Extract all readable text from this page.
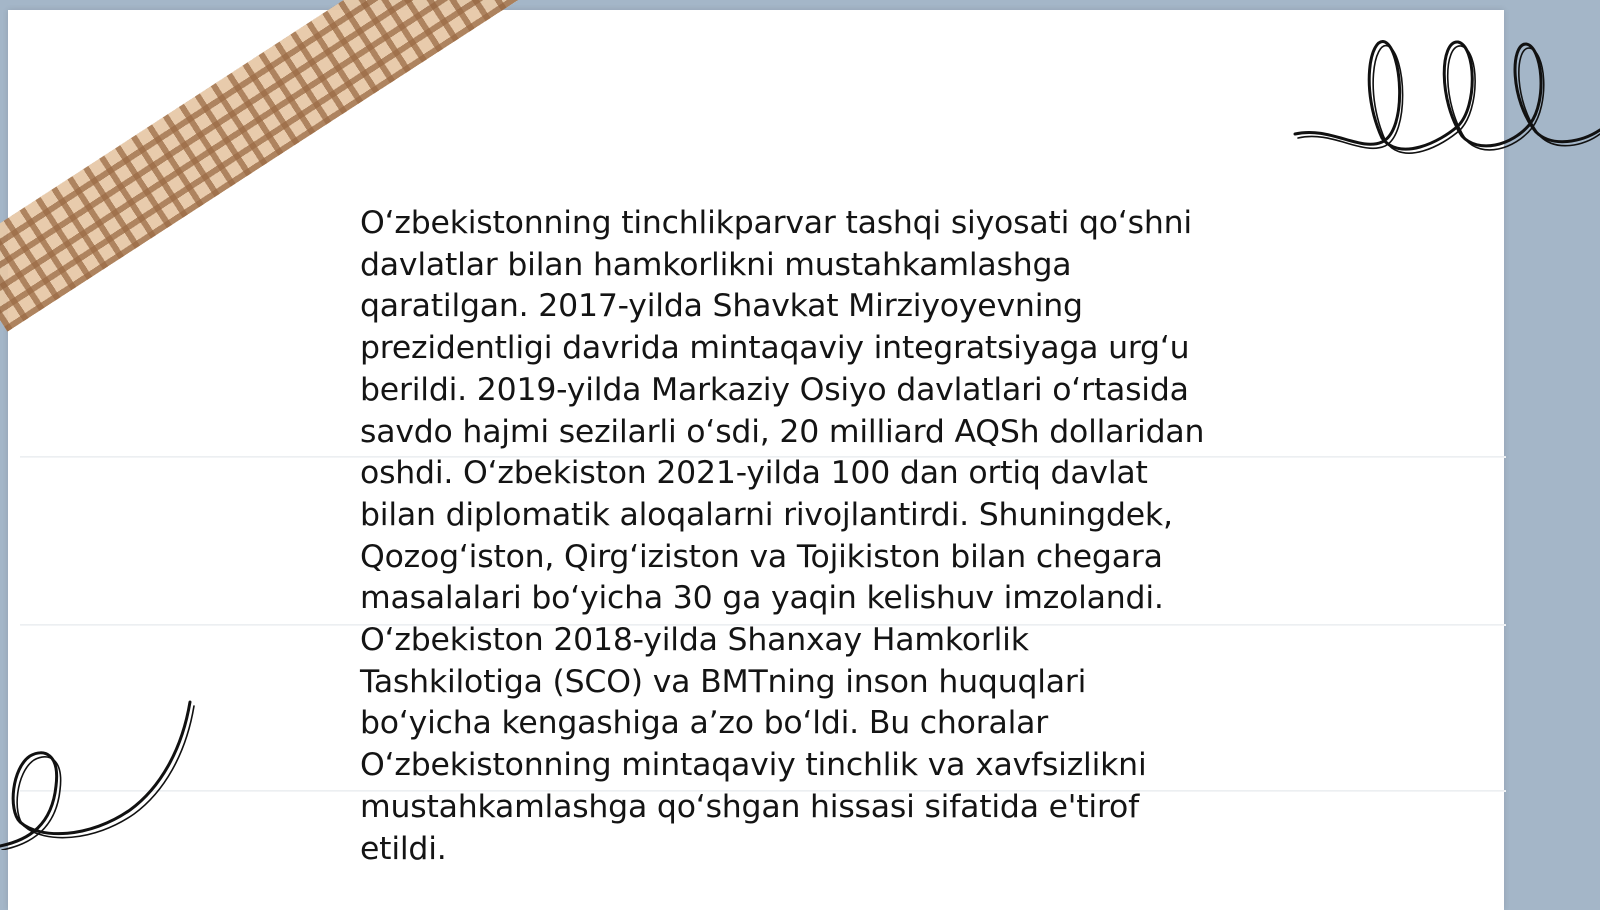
O‘zbekistonning tinchlikparvar tashqi siyosati qo‘shni
davlatlar bilan hamkorlikni mustahkamlashga
qaratilgan. 2017-yilda Shavkat Mirziyoyevning
prezidentligi davrida mintaqaviy integratsiyaga urg‘u
berildi. 2019-yilda Markaziy Osiyo davlatlari o‘rtasida
savdo hajmi sezilarli o‘sdi, 20 milliard AQSh dollaridan
oshdi. O‘zbekiston 2021-yilda 100 dan ortiq davlat
bilan diplomatik aloqalarni rivojlantirdi. Shuningdek,
Qozog‘iston, Qirg‘iziston va Tojikiston bilan chegara
masalalari bo‘yicha 30 ga yaqin kelishuv imzolandi.
O‘zbekiston 2018-yilda Shanxay Hamkorlik
Tashkilotiga (SCO) va BMTning inson huquqlari
bo‘yicha kengashiga a’zo bo‘ldi. Bu choralar
O‘zbekistonning mintaqaviy tinchlik va xavfsizlikni
mustahkamlashga qo‘shgan hissasi sifatida e'tirof
etildi.
